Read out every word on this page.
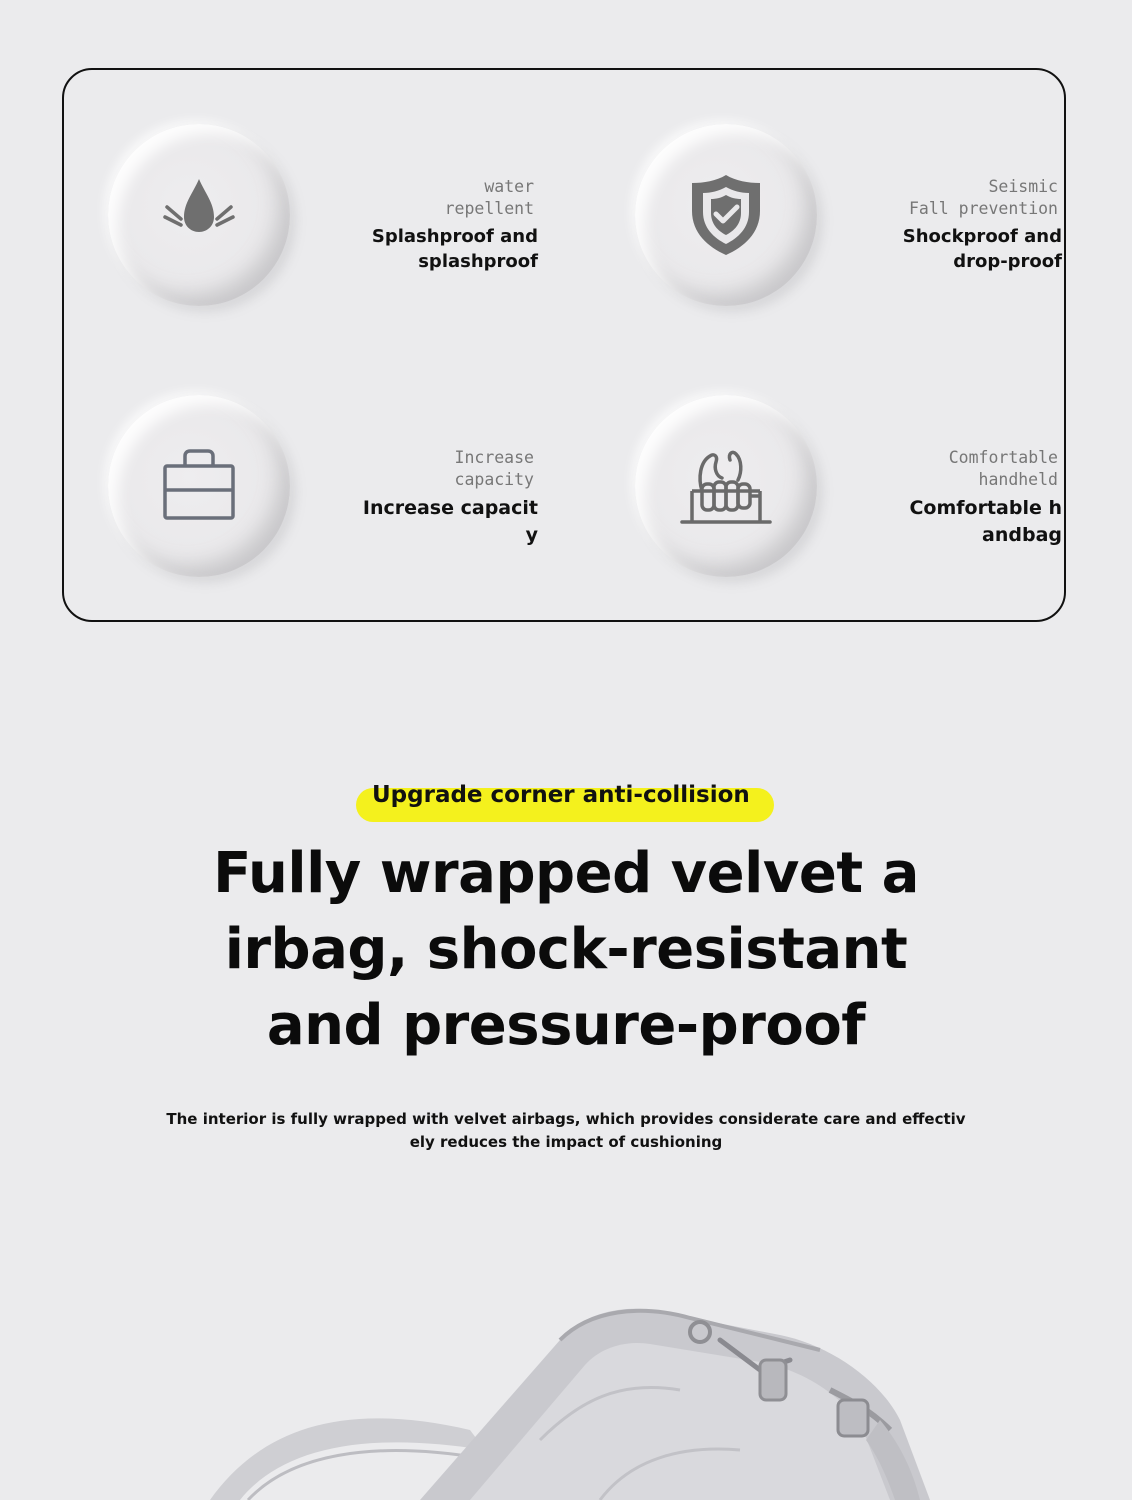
water
repellent
Splashproof and
splashproof
Seismic
Fall prevention
Shockproof and
drop-proof
Increase
capacity
Increase capacit
y
Comfortable
handheld
Comfortable h
andbag
Upgrade corner anti-collision
Fully wrapped velvet a
irbag, shock-resistant
and pressure-proof
The interior is fully wrapped with velvet airbags, which provides considerate care and effectiv
ely reduces the impact of cushioning
